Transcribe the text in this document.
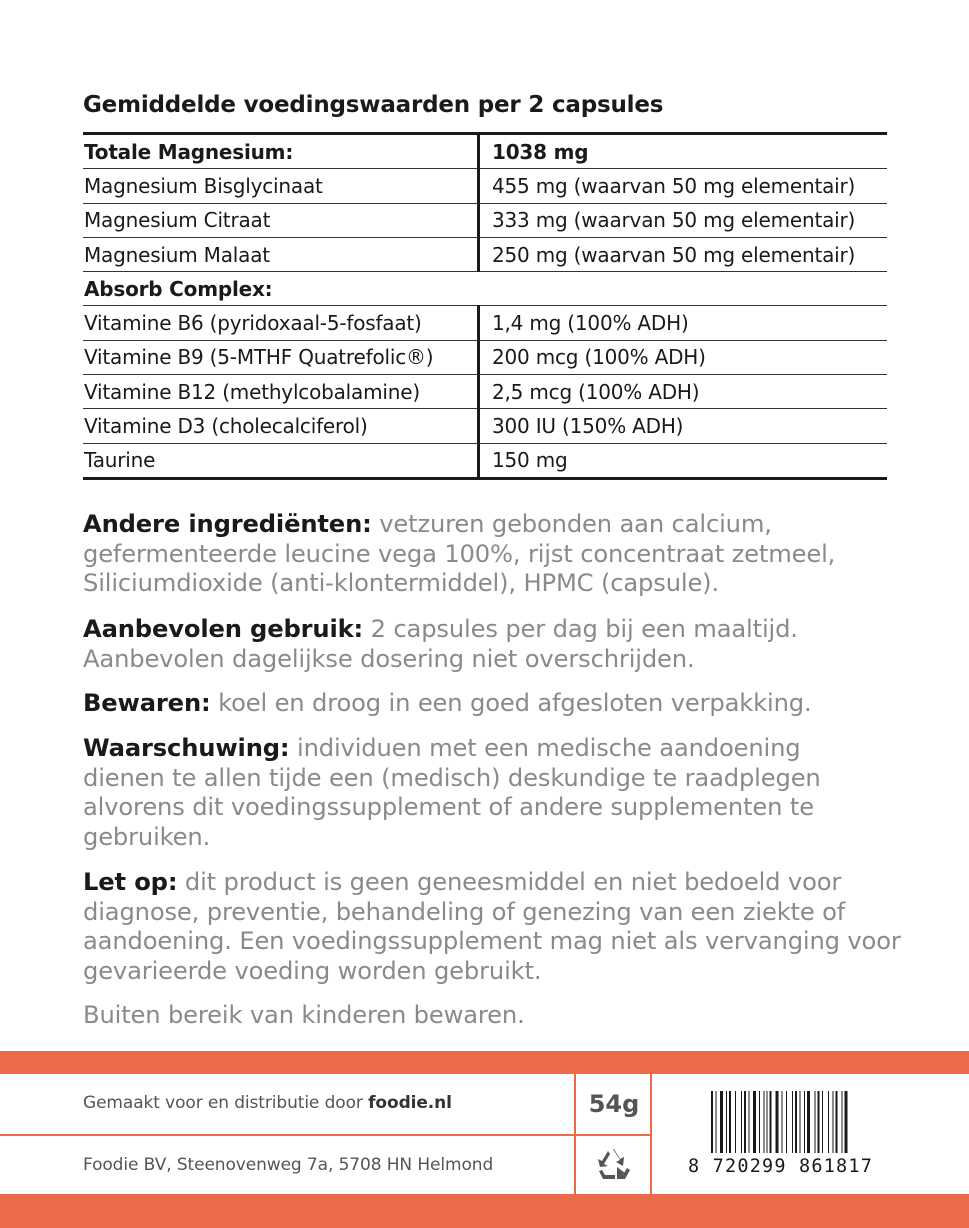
Gemiddelde voedingswaarden per 2 capsules
Totale Magnesium:	1038 mg
Magnesium Bisglycinaat	455 mg (waarvan 50 mg elementair)
Magnesium Citraat	333 mg (waarvan 50 mg elementair)
Magnesium Malaat	250 mg (waarvan 50 mg elementair)
Absorb Complex:	
Vitamine B6 (pyridoxaal-5-fosfaat)	1,4 mg (100% ADH)
Vitamine B9 (5-MTHF Quatrefolic®)	200 mcg (100% ADH)
Vitamine B12 (methylcobalamine)	2,5 mcg (100% ADH)
Vitamine D3 (cholecalciferol)	300 IU (150% ADH)
Taurine	150 mg
Andere ingrediënten: vetzuren gebonden aan calcium, gefermenteerde leucine vega 100%, rijst concentraat zetmeel, Siliciumdioxide (anti-klontermiddel), HPMC (capsule).
Aanbevolen gebruik: 2 capsules per dag bij een maaltijd. Aanbevolen dagelijkse dosering niet overschrijden.
Bewaren: koel en droog in een goed afgesloten verpakking.
Waarschuwing: individuen met een medische aandoening dienen te allen tijde een (medisch) deskundige te raadplegen alvorens dit voedingssupplement of andere supplementen te gebruiken.
Let op: dit product is geen geneesmiddel en niet bedoeld voor diagnose, preventie, behandeling of genezing van een ziekte of aandoening. Een voedingssupplement mag niet als vervanging voor gevarieerde voeding worden gebruikt.
Buiten bereik van kinderen bewaren.
Gemaakt voor en distributie door foodie.nl
Foodie BV, Steenovenweg 7a, 5708 HN Helmond
54g
8 720299 861817
